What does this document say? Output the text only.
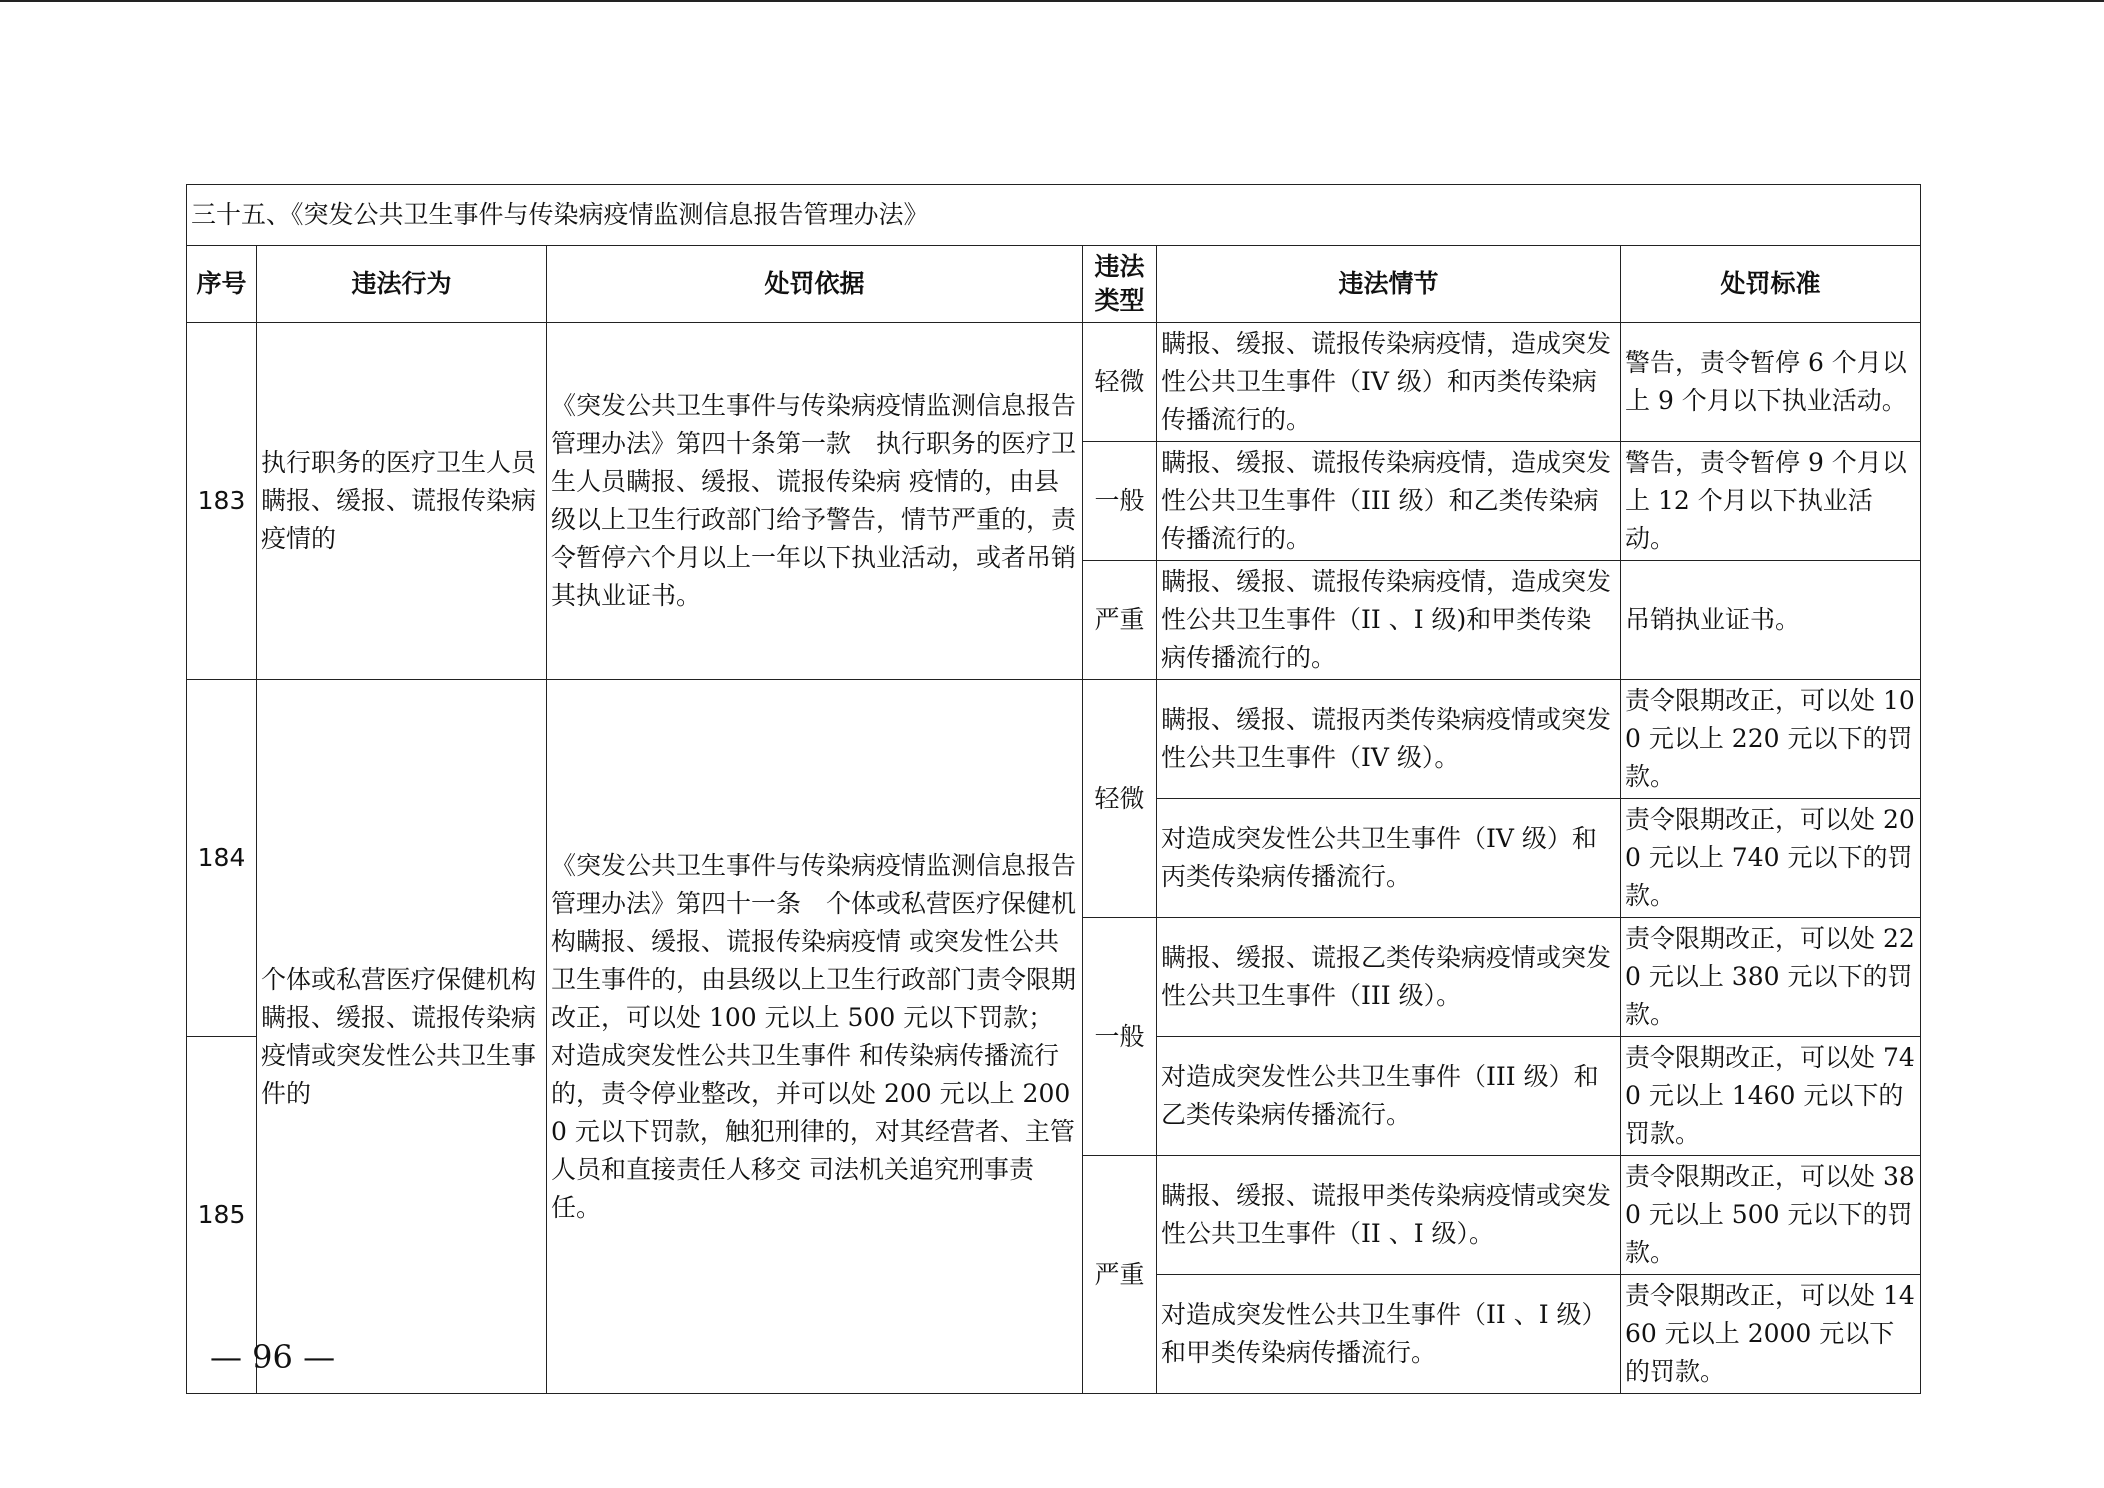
三十五、《突发公共卫生事件与传染病疫情监测信息报告管理办法》					
序号	违法行为	处罚依据	违法类型	违法情节	处罚标准
183	执行职务的医疗卫生人员瞒报、缓报、谎报传染病疫情的	《突发公共卫生事件与传染病疫情监测信息报告管理办法》第四十条第一款　执行职务的医疗卫生人员瞒报、缓报、谎报传染病 疫情的，由县级以上卫生行政部门给予警告，情节严重的，责令暂停六个月以上一年以下执业活动，或者吊销其执业证书。	轻微	瞒报、缓报、谎报传染病疫情，造成突发性公共卫生事件（IV 级）和丙类传染病传播流行的。	警告，责令暂停 6 个月以上 9 个月以下执业活动。
			一般	瞒报、缓报、谎报传染病疫情，造成突发性公共卫生事件（III 级）和乙类传染病传播流行的。	警告，责令暂停 9 个月以上 12 个月以下执业活动。
			严重	瞒报、缓报、谎报传染病疫情，造成突发性公共卫生事件（II 、I 级)和甲类传染病传播流行的。	吊销执业证书。
184	个体或私营医疗保健机构瞒报、缓报、谎报传染病疫情或突发性公共卫生事件的	《突发公共卫生事件与传染病疫情监测信息报告管理办法》第四十一条　个体或私营医疗保健机构瞒报、缓报、谎报传染病疫情 或突发性公共卫生事件的，由县级以上卫生行政部门责令限期改正，可以处 100 元以上 500 元以下罚款；对造成突发性公共卫生事件 和传染病传播流行的，责令停业整改，并可以处 200 元以上 2000 元以下罚款，触犯刑律的，对其经营者、主管人员和直接责任人移交 司法机关追究刑事责任。	轻微	瞒报、缓报、谎报丙类传染病疫情或突发性公共卫生事件（IV 级）。	责令限期改正，可以处 100 元以上 220 元以下的罚款。
				对造成突发性公共卫生事件（IV 级）和丙类传染病传播流行。	责令限期改正，可以处 200 元以上 740 元以下的罚款。
			一般	瞒报、缓报、谎报乙类传染病疫情或突发性公共卫生事件（III 级）。	责令限期改正，可以处 220 元以上 380 元以下的罚款。
185				对造成突发性公共卫生事件（III 级）和乙类传染病传播流行。	责令限期改正，可以处 740 元以上 1460 元以下的罚款。
			严重	瞒报、缓报、谎报甲类传染病疫情或突发性公共卫生事件（II 、I 级）。	责令限期改正，可以处 380 元以上 500 元以下的罚款。
				对造成突发性公共卫生事件（II 、I 级）和甲类传染病传播流行。	责令限期改正，可以处 1460 元以上 2000 元以下的罚款。
— 96 —
